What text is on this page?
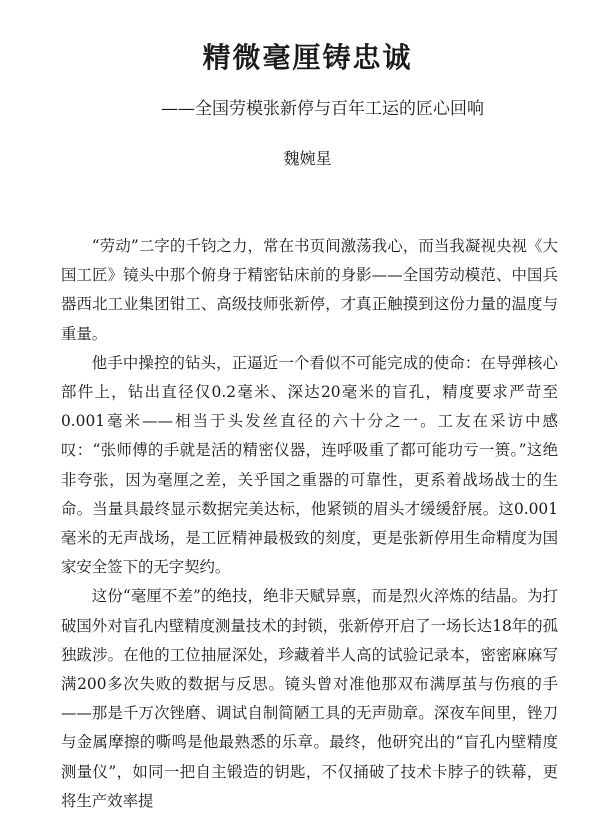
精微毫厘铸忠诚
——全国劳模张新停与百年工运的匠心回响
魏婉星

“劳动”二字的千钧之力，常在书页间激荡我心，而当我凝视央视《大国工匠》镜头中那个俯身于精密钻床前的身影——全国劳动模范、中国兵器西北工业集团钳工、高级技师张新停，才真正触摸到这份力量的温度与重量。

他手中操控的钻头，正逼近一个看似不可能完成的使命：在导弹核心部件上，钻出直径仅0.2毫米、深达20毫米的盲孔，精度要求严苛至0.001毫米——相当于头发丝直径的六十分之一。工友在采访中感叹：“张师傅的手就是活的精密仪器，连呼吸重了都可能功亏一篑。”这绝非夸张，因为毫厘之差，关乎国之重器的可靠性，更系着战场战士的生命。当量具最终显示数据完美达标，他紧锁的眉头才缓缓舒展。这0.001毫米的无声战场，是工匠精神最极致的刻度，更是张新停用生命精度为国家安全签下的无字契约。

这份“毫厘不差”的绝技，绝非天赋异禀，而是烈火淬炼的结晶。为打破国外对盲孔内壁精度测量技术的封锁，张新停开启了一场长达18年的孤独跋涉。在他的工位抽屉深处，珍藏着半人高的试验记录本，密密麻麻写满200多次失败的数据与反思。镜头曾对准他那双布满厚茧与伤痕的手——那是千万次锉磨、调试自制简陋工具的无声勋章。深夜车间里，锉刀与金属摩擦的嘶鸣是他最熟悉的乐章。最终，他研究出的“盲孔内壁精度测量仪”，如同一把自主锻造的钥匙，不仅捅破了技术卡脖子的铁幕，更将生产效率提
